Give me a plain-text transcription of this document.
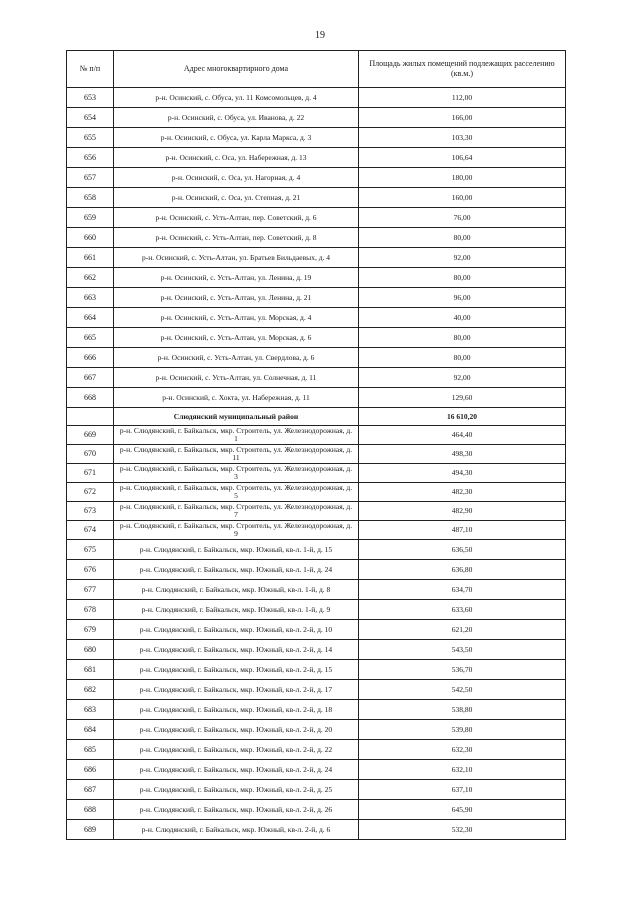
19
№ п/п	Адрес многоквартирного дома	Площадь жилых помещений подлежащих расселению (кв.м.)
653	р-н. Осинский, с. Обуса, ул. 11 Комсомольцев, д. 4	112,00
654	р-н. Осинский, с. Обуса, ул. Иванова, д. 22	166,00
655	р-н. Осинский, с. Обуса, ул. Карла Маркса, д. 3	103,30
656	р-н. Осинский, с. Оса, ул. Набережная, д. 13	106,64
657	р-н. Осинский, с. Оса, ул. Нагорная, д. 4	180,00
658	р-н. Осинский, с. Оса, ул. Степная, д. 21	160,00
659	р-н. Осинский, с. Усть-Алтан, пер. Советский, д. 6	76,00
660	р-н. Осинский, с. Усть-Алтан, пер. Советский, д. 8	80,00
661	р-н. Осинский, с. Усть-Алтан, ул. Братьев Бильдаевых, д. 4	92,00
662	р-н. Осинский, с. Усть-Алтан, ул. Ленина, д. 19	80,00
663	р-н. Осинский, с. Усть-Алтан, ул. Ленина, д. 21	96,00
664	р-н. Осинский, с. Усть-Алтан, ул. Морская, д. 4	40,00
665	р-н. Осинский, с. Усть-Алтан, ул. Морская, д. 6	80,00
666	р-н. Осинский, с. Усть-Алтан, ул. Свердлова, д. 6	80,00
667	р-н. Осинский, с. Усть-Алтан, ул. Солнечная, д. 11	92,00
668	р-н. Осинский, с. Хокта, ул. Набережная, д. 11	129,60
	Слюдянский муниципальный район	16 610,20
669	р-н. Слюдянский, г. Байкальск, мкр. Строитель, ул. Железнодорожная, д. 1	464,40
670	р-н. Слюдянский, г. Байкальск, мкр. Строитель, ул. Железнодорожная, д. 11	498,30
671	р-н. Слюдянский, г. Байкальск, мкр. Строитель, ул. Железнодорожная, д. 3	494,30
672	р-н. Слюдянский, г. Байкальск, мкр. Строитель, ул. Железнодорожная, д. 5	482,30
673	р-н. Слюдянский, г. Байкальск, мкр. Строитель, ул. Железнодорожная, д. 7	482,90
674	р-н. Слюдянский, г. Байкальск, мкр. Строитель, ул. Железнодорожная, д. 9	487,10
675	р-н. Слюдянский, г. Байкальск, мкр. Южный, кв-л. 1-й, д. 15	636,50
676	р-н. Слюдянский, г. Байкальск, мкр. Южный, кв-л. 1-й, д. 24	636,80
677	р-н. Слюдянский, г. Байкальск, мкр. Южный, кв-л. 1-й, д. 8	634,70
678	р-н. Слюдянский, г. Байкальск, мкр. Южный, кв-л. 1-й, д. 9	633,60
679	р-н. Слюдянский, г. Байкальск, мкр. Южный, кв-л. 2-й, д. 10	621,20
680	р-н. Слюдянский, г. Байкальск, мкр. Южный, кв-л. 2-й, д. 14	543,50
681	р-н. Слюдянский, г. Байкальск, мкр. Южный, кв-л. 2-й, д. 15	536,70
682	р-н. Слюдянский, г. Байкальск, мкр. Южный, кв-л. 2-й, д. 17	542,50
683	р-н. Слюдянский, г. Байкальск, мкр. Южный, кв-л. 2-й, д. 18	538,80
684	р-н. Слюдянский, г. Байкальск, мкр. Южный, кв-л. 2-й, д. 20	539,80
685	р-н. Слюдянский, г. Байкальск, мкр. Южный, кв-л. 2-й, д. 22	632,30
686	р-н. Слюдянский, г. Байкальск, мкр. Южный, кв-л. 2-й, д. 24	632,10
687	р-н. Слюдянский, г. Байкальск, мкр. Южный, кв-л. 2-й, д. 25	637,10
688	р-н. Слюдянский, г. Байкальск, мкр. Южный, кв-л. 2-й, д. 26	645,90
689	р-н. Слюдянский, г. Байкальск, мкр. Южный, кв-л. 2-й, д. 6	532,30
